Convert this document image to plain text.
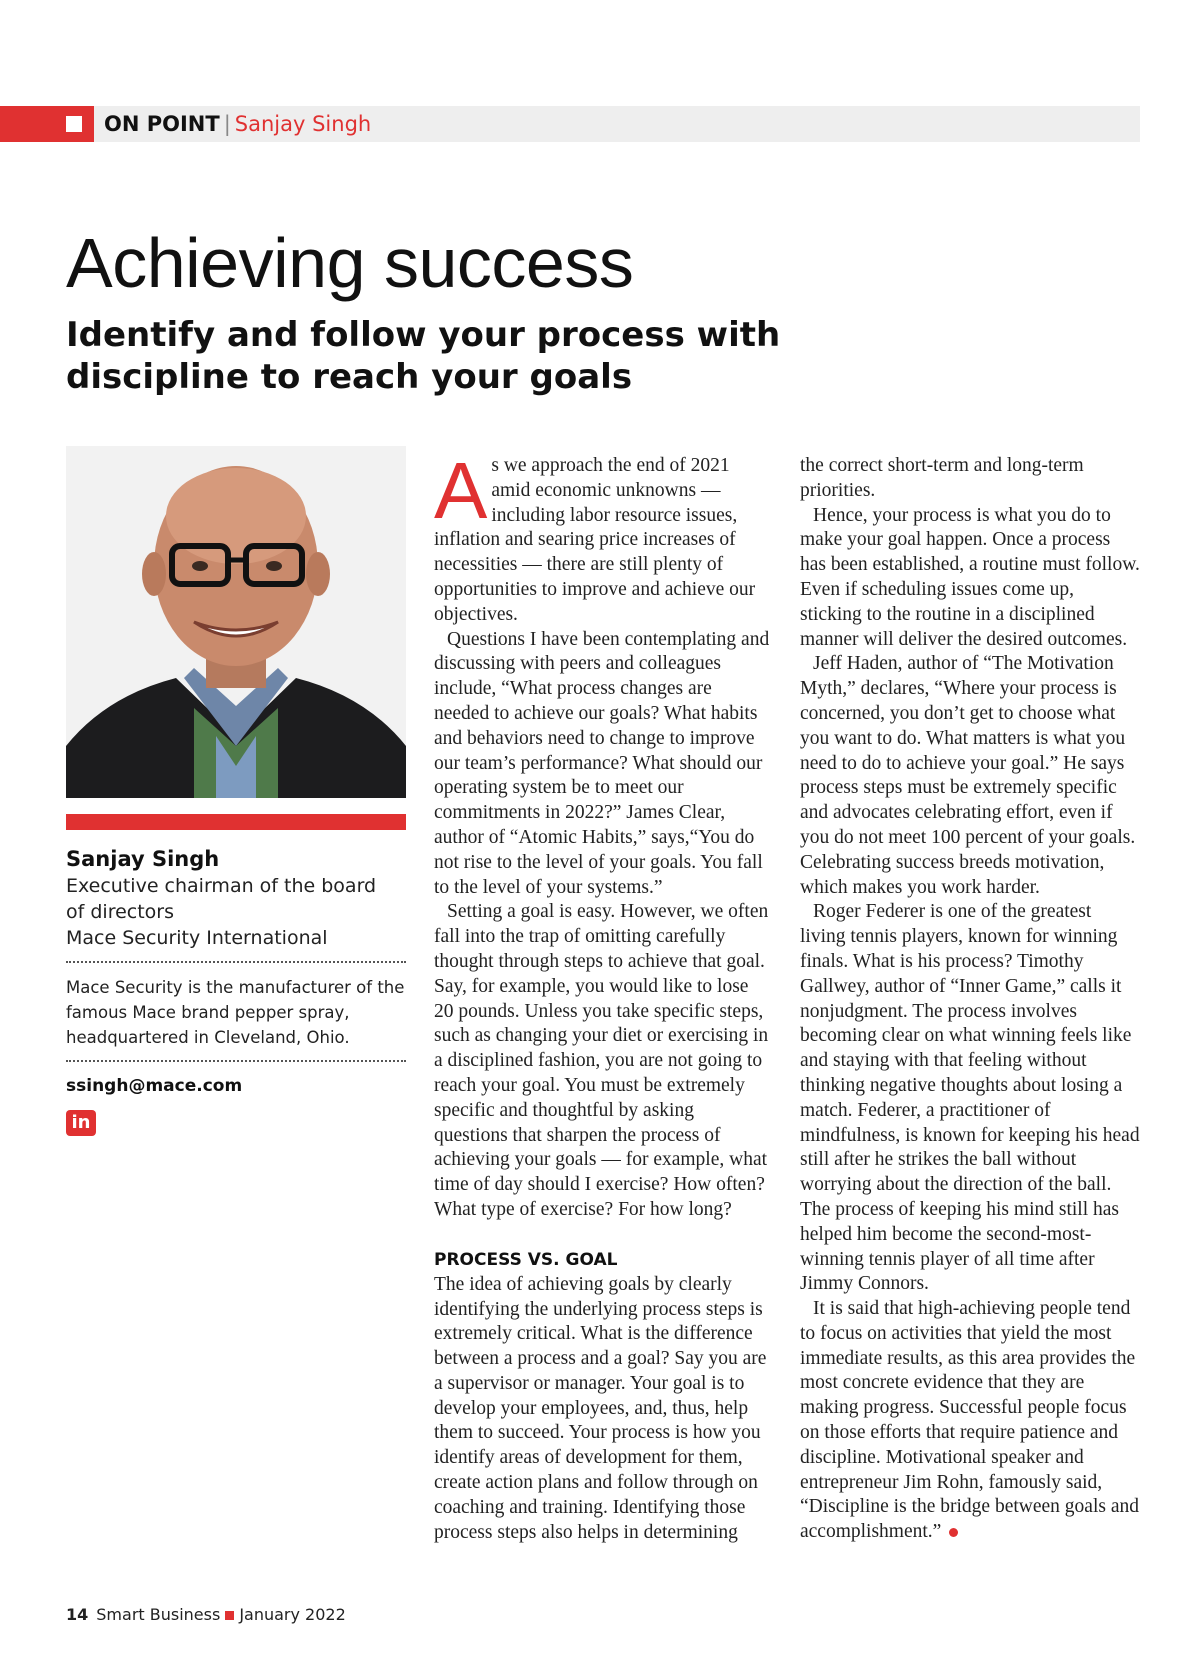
ON POINT | Sanjay Singh
Achieving success
Identify and follow your process with discipline to reach your goals
Sanjay Singh
Executive chairman of the board
of directors
Mace Security International
Mace Security is the manufacturer of the famous Mace brand pepper spray, headquartered in Cleveland, Ohio.
ssingh@mace.com
in

As we approach the end of 2021 amid economic unknowns — including labor resource issues, inflation and searing price increases of necessities — there are still plenty of opportunities to improve and achieve our objectives.

Questions I have been contemplating and discussing with peers and colleagues include, “What process changes are needed to achieve our goals? What habits and behaviors need to change to improve our team’s performance? What should our operating system be to meet our commitments in 2022?” James Clear, author of “Atomic Habits,” says,“You do not rise to the level of your goals. You fall to the level of your systems.”

Setting a goal is easy. However, we often fall into the trap of omitting carefully thought through steps to achieve that goal. Say, for example, you would like to lose 20 pounds. Unless you take specific steps, such as changing your diet or exercising in a disciplined fashion, you are not going to reach your goal. You must be extremely specific and thoughtful by asking questions that sharpen the process of achieving your goals — for example, what time of day should I exercise? How often? What type of exercise? For how long?

PROCESS VS. GOAL

The idea of achieving goals by clearly identifying the underlying process steps is extremely critical. What is the difference between a process and a goal? Say you are a supervisor or manager. Your goal is to develop your employees, and, thus, help them to succeed. Your process is how you identify areas of development for them, create action plans and follow through on coaching and training. Identifying those process steps also helps in determining

the correct short-term and long-term priorities.

Hence, your process is what you do to make your goal happen. Once a process has been established, a routine must follow. Even if scheduling issues come up, sticking to the routine in a disciplined manner will deliver the desired outcomes.

Jeff Haden, author of “The Motivation Myth,” declares, “Where your process is concerned, you don’t get to choose what you want to do. What matters is what you need to do to achieve your goal.” He says process steps must be extremely specific and advocates celebrating effort, even if you do not meet 100 percent of your goals. Celebrating success breeds motivation, which makes you work harder.

Roger Federer is one of the greatest living tennis players, known for winning finals. What is his process? Timothy Gallwey, author of “Inner Game,” calls it nonjudgment. The process involves becoming clear on what winning feels like and staying with that feeling without thinking negative thoughts about losing a match. Federer, a practitioner of mindfulness, is known for keeping his head still after he strikes the ball without worrying about the direction of the ball. The process of keeping his mind still has helped him become the second-most-winning tennis player of all time after Jimmy Connors.

It is said that high-achieving people tend to focus on activities that yield the most immediate results, as this area provides the most concrete evidence that they are making progress. Successful people focus on those efforts that require patience and discipline. Motivational speaker and entrepreneur Jim Rohn, famously said, “Discipline is the bridge between goals and accomplishment.”

14 Smart Business January 2022
